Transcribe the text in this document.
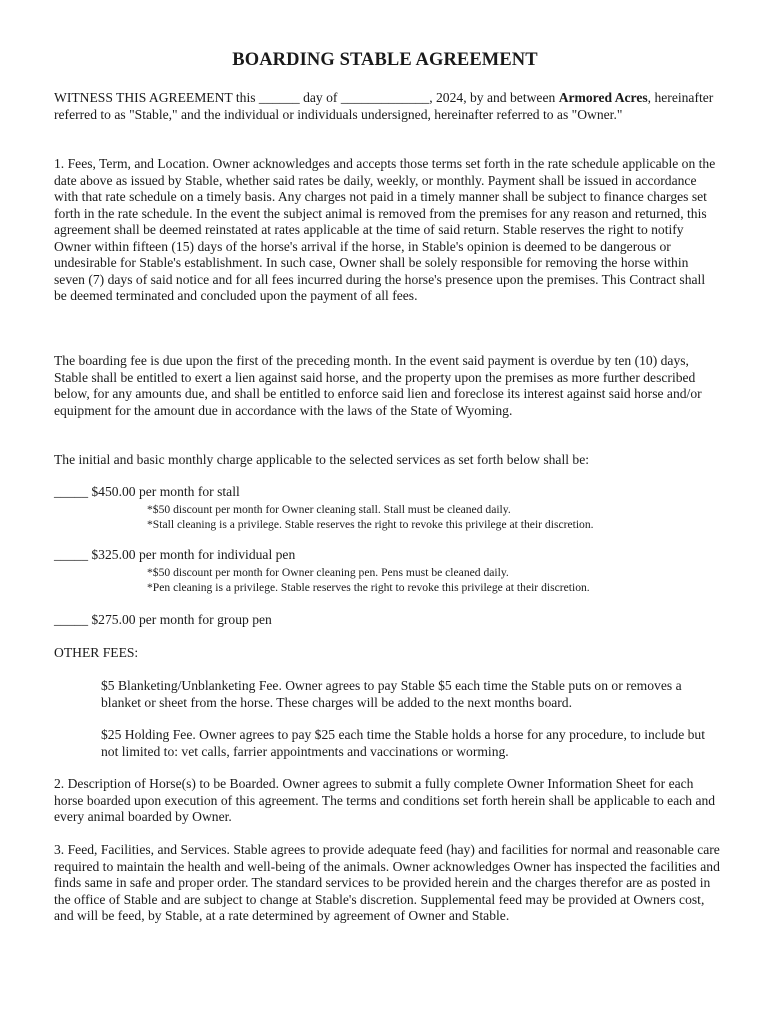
BOARDING STABLE AGREEMENT

WITNESS THIS AGREEMENT this ______ day of _____________, 2024, by and between Armored Acres, hereinafter referred to as "Stable," and the individual or individuals undersigned, hereinafter referred to as "Owner."

1. Fees, Term, and Location. Owner acknowledges and accepts those terms set forth in the rate schedule applicable on the date above as issued by Stable, whether said rates be daily, weekly, or monthly. Payment shall be issued in accordance with that rate schedule on a timely basis. Any charges not paid in a timely manner shall be subject to finance charges set forth in the rate schedule. In the event the subject animal is removed from the premises for any reason and returned, this agreement shall be deemed reinstated at rates applicable at the time of said return. Stable reserves the right to notify Owner within fifteen (15) days of the horse's arrival if the horse, in Stable's opinion is deemed to be dangerous or undesirable for Stable's establishment. In such case, Owner shall be solely responsible for removing the horse within seven (7) days of said notice and for all fees incurred during the horse's presence upon the premises. This Contract shall be deemed terminated and concluded upon the payment of all fees.

The boarding fee is due upon the first of the preceding month. In the event said payment is overdue by ten (10) days, Stable shall be entitled to exert a lien against said horse, and the property upon the premises as more further described below, for any amounts due, and shall be entitled to enforce said lien and foreclose its interest against said horse and/or equipment for the amount due in accordance with the laws of the State of Wyoming.

The initial and basic monthly charge applicable to the selected services as set forth below shall be:

_____ $450.00 per month for stall

*$50 discount per month for Owner cleaning stall. Stall must be cleaned daily.

*Stall cleaning is a privilege. Stable reserves the right to revoke this privilege at their discretion.

_____ $325.00 per month for individual pen

*$50 discount per month for Owner cleaning pen. Pens must be cleaned daily.

*Pen cleaning is a privilege. Stable reserves the right to revoke this privilege at their discretion.

_____ $275.00 per month for group pen

OTHER FEES:

$5 Blanketing/Unblanketing Fee. Owner agrees to pay Stable $5 each time the Stable puts on or removes a blanket or sheet from the horse. These charges will be added to the next months board.

$25 Holding Fee. Owner agrees to pay $25 each time the Stable holds a horse for any procedure, to include but not limited to: vet calls, farrier appointments and vaccinations or worming.

2. Description of Horse(s) to be Boarded. Owner agrees to submit a fully complete Owner Information Sheet for each horse boarded upon execution of this agreement. The terms and conditions set forth herein shall be applicable to each and every animal boarded by Owner.

3. Feed, Facilities, and Services. Stable agrees to provide adequate feed (hay) and facilities for normal and reasonable care required to maintain the health and well-being of the animals. Owner acknowledges Owner has inspected the facilities and finds same in safe and proper order. The standard services to be provided herein and the charges therefor are as posted in the office of Stable and are subject to change at Stable's discretion. Supplemental feed may be provided at Owners cost, and will be feed, by Stable, at a rate determined by agreement of Owner and Stable.
